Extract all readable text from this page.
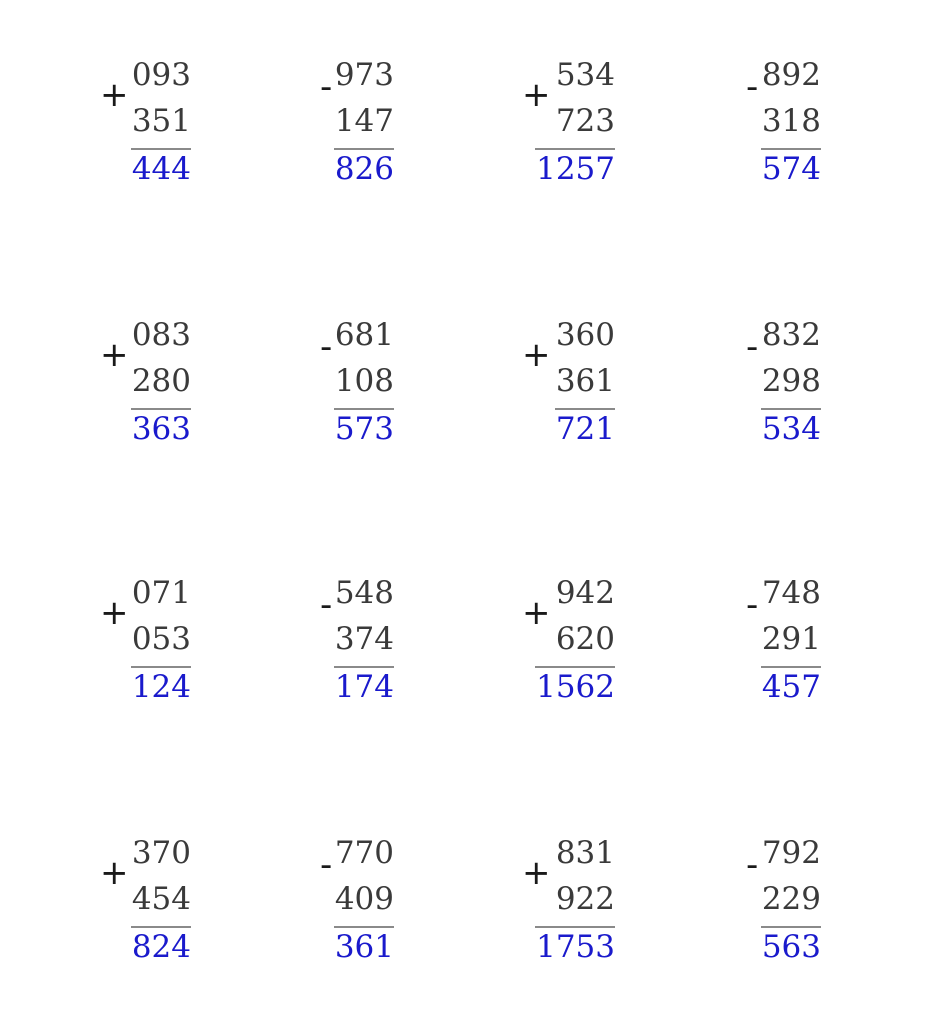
+ 093
351
444
- 973
147
826
+ 534
723
1257
- 892
318
574
+ 083
280
363
- 681
108
573
+ 360
361
721
- 832
298
534
+ 071
053
124
- 548
374
174
+ 942
620
1562
- 748
291
457
+ 370
454
824
- 770
409
361
+ 831
922
1753
- 792
229
563
